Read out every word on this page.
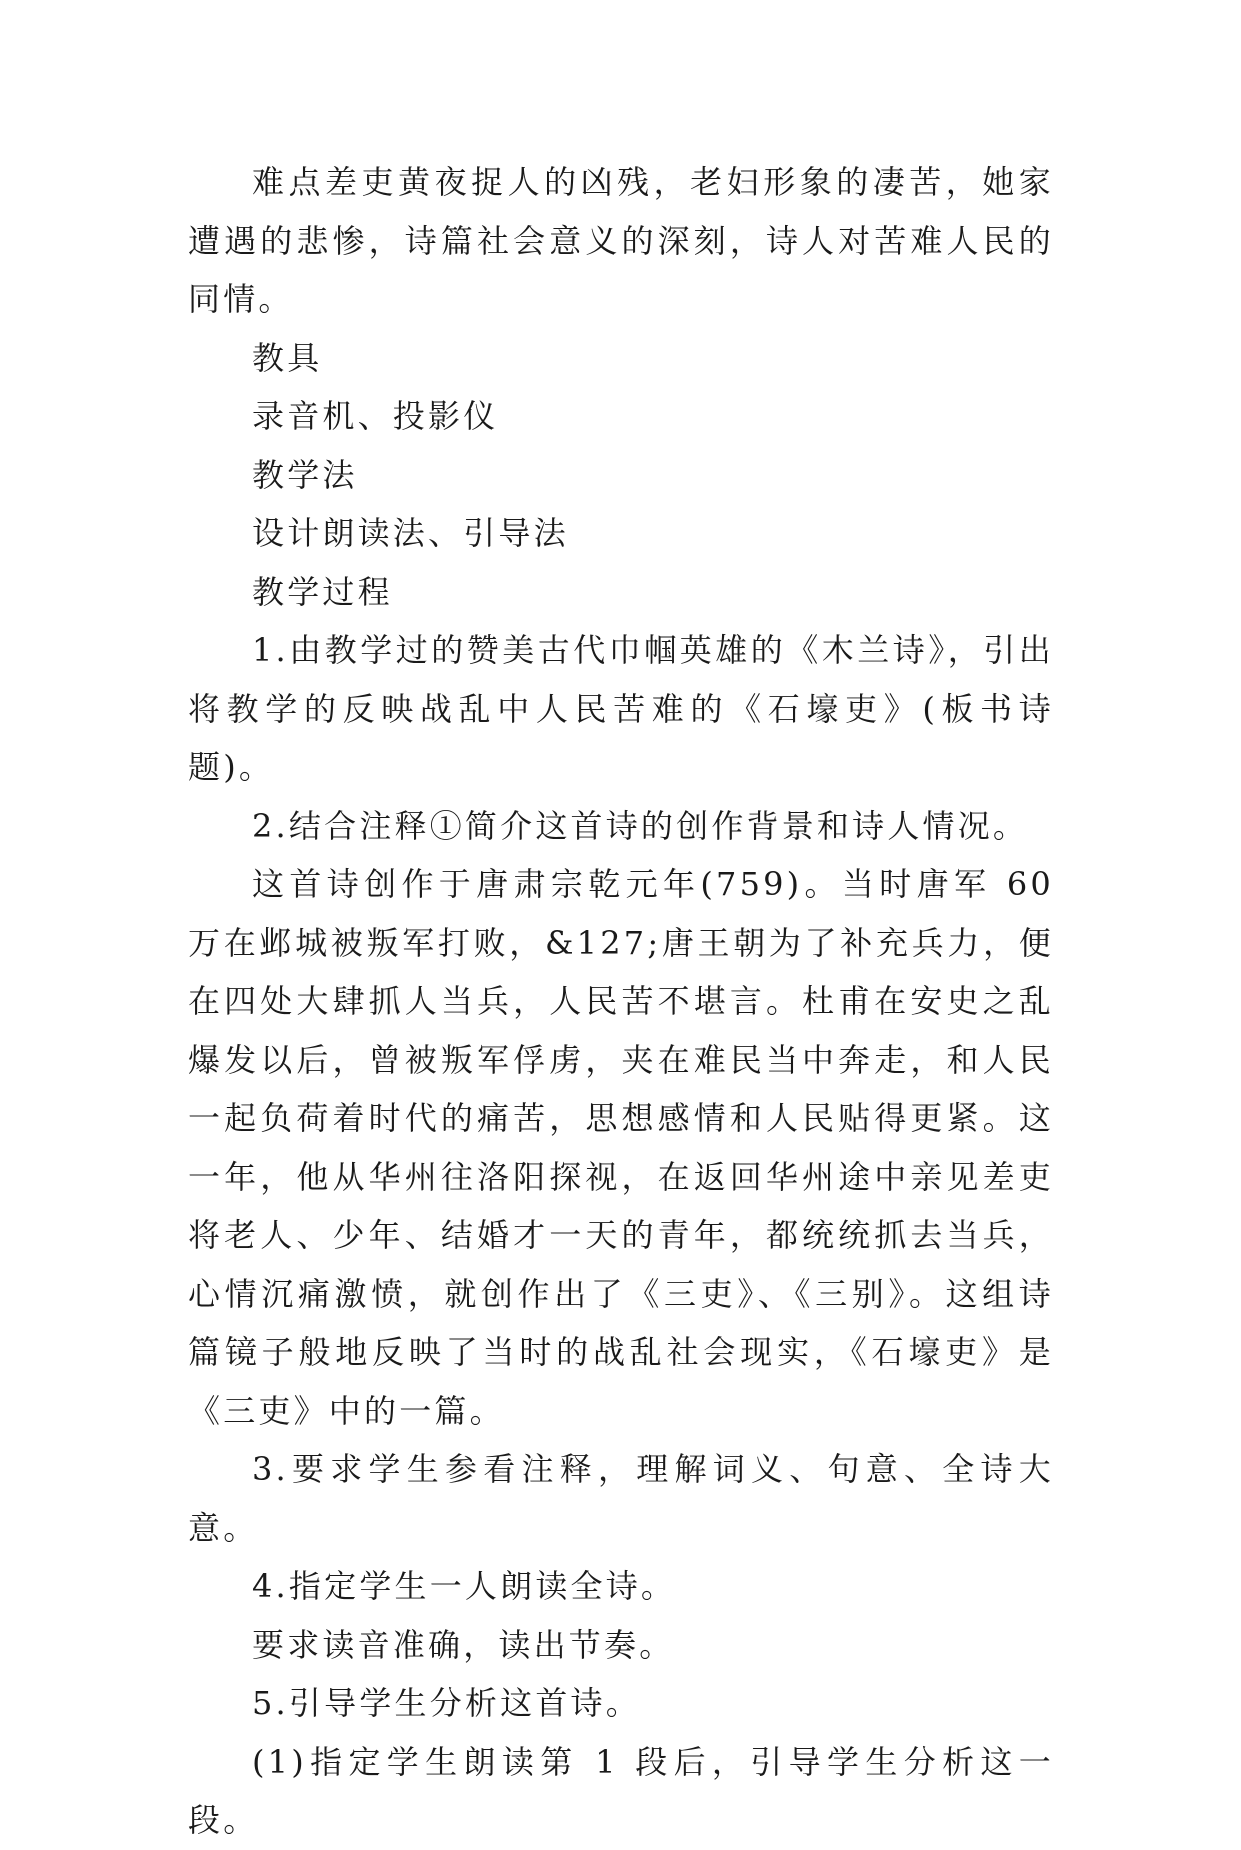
难点差吏黄夜捉人的凶残，老妇形象的凄苦，她家遭遇的悲惨，诗篇社会意义的深刻，诗人对苦难人民的同情。

教具

录音机、投影仪

教学法

设计朗读法、引导法

教学过程

1.由教学过的赞美古代巾帼英雄的《木兰诗》，引出将教学的反映战乱中人民苦难的《石壕吏》(板书诗题)。

2.结合注释①简介这首诗的创作背景和诗人情况。

这首诗创作于唐肃宗乾元年(759)。当时唐军 60 万在邺城被叛军打败，&127;唐王朝为了补充兵力，便在四处大肆抓人当兵，人民苦不堪言。杜甫在安史之乱爆发以后，曾被叛军俘虏，夹在难民当中奔走，和人民一起负荷着时代的痛苦，思想感情和人民贴得更紧。这一年，他从华州往洛阳探视，在返回华州途中亲见差吏将老人、少年、结婚才一天的青年，都统统抓去当兵，心情沉痛激愤，就创作出了《三吏》、《三别》。这组诗篇镜子般地反映了当时的战乱社会现实，《石壕吏》是《三吏》中的一篇。

3.要求学生参看注释，理解词义、句意、全诗大意。

4.指定学生一人朗读全诗。

要求读音准确，读出节奏。

5.引导学生分析这首诗。

(1)指定学生朗读第 1 段后，引导学生分析这一段。
